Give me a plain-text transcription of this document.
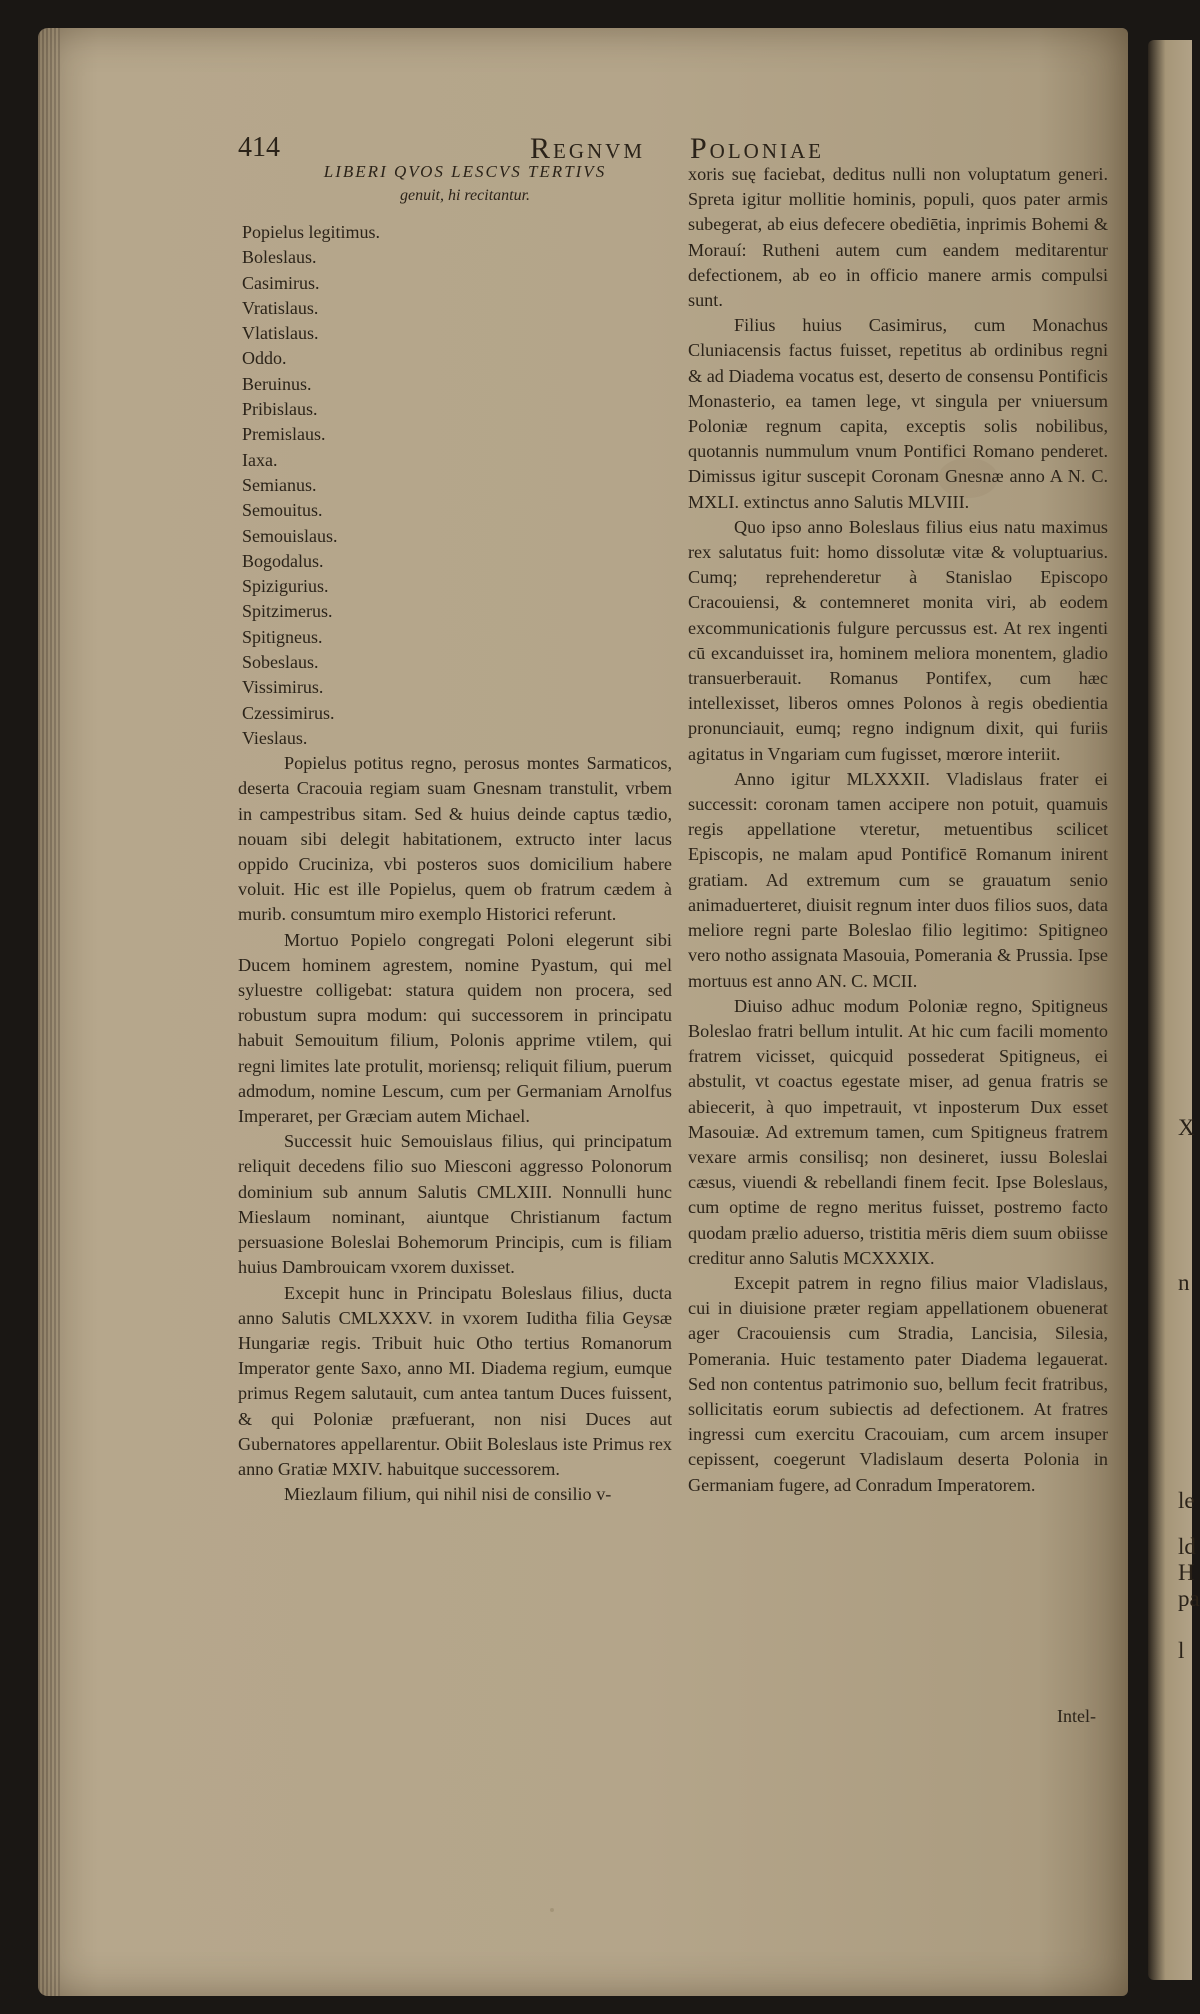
X
n
le
ld
H
pa
l
414	Regnvm Poloniae
LIBERI QVOS LESCVS TERTIVS
genuit, hi recitantur.
Popielus legitimus.
Boleslaus.
Casimirus.
Vratislaus.
Vlatislaus.
Oddo.
Beruinus.
Pribislaus.
Premislaus.
Iaxa.
Semianus.
Semouitus.
Semouislaus.
Bogodalus.
Spizigurius.
Spitzimerus.
Spitigneus.
Sobeslaus.
Vissimirus.
Czessimirus.
Vieslaus.

Popielus potitus regno, perosus montes Sarmaticos, deserta Cracouia regiam suam Gnesnam transtulit, vrbem in campestribus sitam. Sed & huius deinde captus tædio, nouam sibi delegit habitationem, extructo inter lacus oppido Cruciniza, vbi posteros suos domicilium habere voluit. Hic est ille Popielus, quem ob fratrum cædem à murib. consumtum miro exemplo Historici referunt.

Mortuo Popielo congregati Poloni elegerunt sibi Ducem hominem agrestem, nomine Pyastum, qui mel syluestre colligebat: statura quidem non procera, sed robustum supra modum: qui successorem in principatu habuit Semouitum filium, Polonis apprime vtilem, qui regni limites late protulit, moriensq; reliquit filium, puerum admodum, nomine Lescum, cum per Germaniam Arnolfus Imperaret, per Græciam autem Michael.

Successit huic Semouislaus filius, qui principatum reliquit decedens filio suo Miesconi aggresso Polonorum dominium sub annum Salutis CMLXIII. Nonnulli hunc Mieslaum nominant, aiuntque Christianum factum persuasione Boleslai Bohemorum Principis, cum is filiam huius Dambrouicam vxorem duxisset.

Excepit hunc in Principatu Boleslaus filius, ducta anno Salutis CMLXXXV. in vxorem Iuditha filia Geysæ Hungariæ regis. Tribuit huic Otho tertius Romanorum Imperator gente Saxo, anno MI. Diadema regium, eumque primus Regem salutauit, cum antea tantum Duces fuissent, & qui Poloniæ præfuerant, non nisi Duces aut Gubernatores appellarentur. Obiit Boleslaus iste Primus rex anno Gratiæ MXIV. habuitque successorem.

Miezlaum filium, qui nihil nisi de consilio v-

xoris suę faciebat, deditus nulli non voluptatum generi. Spreta igitur mollitie hominis, populi, quos pater armis subegerat, ab eius defecere obediētia, inprimis Bohemi & Morauí: Rutheni autem cum eandem meditarentur defectionem, ab eo in officio manere armis compulsi sunt.

Filius huius Casimirus, cum Monachus Cluniacensis factus fuisset, repetitus ab ordinibus regni & ad Diadema vocatus est, deserto de consensu Pontificis Monasterio, ea tamen lege, vt singula per vniuersum Poloniæ regnum capita, exceptis solis nobilibus, quotannis nummulum vnum Pontifici Romano penderet. Dimissus igitur suscepit Coronam Gnesnæ anno A N. C. MXLI. extinctus anno Salutis MLVIII.

Quo ipso anno Boleslaus filius eius natu maximus rex salutatus fuit: homo dissolutæ vitæ & voluptuarius. Cumq; reprehenderetur à Stanislao Episcopo Cracouiensi, & contemneret monita viri, ab eodem excommunicationis fulgure percussus est. At rex ingenti cū excanduisset ira, hominem meliora monentem, gladio transuerberauit. Romanus Pontifex, cum hæc intellexisset, liberos omnes Polonos à regis obedientia pronunciauit, eumq; regno indignum dixit, qui furiis agitatus in Vngariam cum fugisset, mœrore interiit.

Anno igitur MLXXXII. Vladislaus frater ei successit: coronam tamen accipere non potuit, quamuis regis appellatione vteretur, metuentibus scilicet Episcopis, ne malam apud Pontificē Romanum inirent gratiam. Ad extremum cum se grauatum senio animaduerteret, diuisit regnum inter duos filios suos, data meliore regni parte Boleslao filio legitimo: Spitigneo vero notho assignata Masouia, Pomerania & Prussia. Ipse mortuus est anno AN. C. MCII.

Diuiso adhuc modum Poloniæ regno, Spitigneus Boleslao fratri bellum intulit. At hic cum facili momento fratrem vicisset, quicquid possederat Spitigneus, ei abstulit, vt coactus egestate miser, ad genua fratris se abiecerit, à quo impetrauit, vt inposterum Dux esset Masouiæ. Ad extremum tamen, cum Spitigneus fratrem vexare armis consilisq; non desineret, iussu Boleslai cæsus, viuendi & rebellandi finem fecit. Ipse Boleslaus, cum optime de regno meritus fuisset, postremo facto quodam prælio aduerso, tristitia mēris diem suum obiisse creditur anno Salutis MCXXXIX.

Excepit patrem in regno filius maior Vladislaus, cui in diuisione præter regiam appellationem obuenerat ager Cracouiensis cum Stradia, Lancisia, Silesia, Pomerania. Huic testamento pater Diadema legauerat. Sed non contentus patrimonio suo, bellum fecit fratribus, sollicitatis eorum subiectis ad defectionem. At fratres ingressi cum exercitu Cracouiam, cum arcem insuper cepissent, coegerunt Vladislaum deserta Polonia in Germaniam fugere, ad Conradum Imperatorem.

Intel-
